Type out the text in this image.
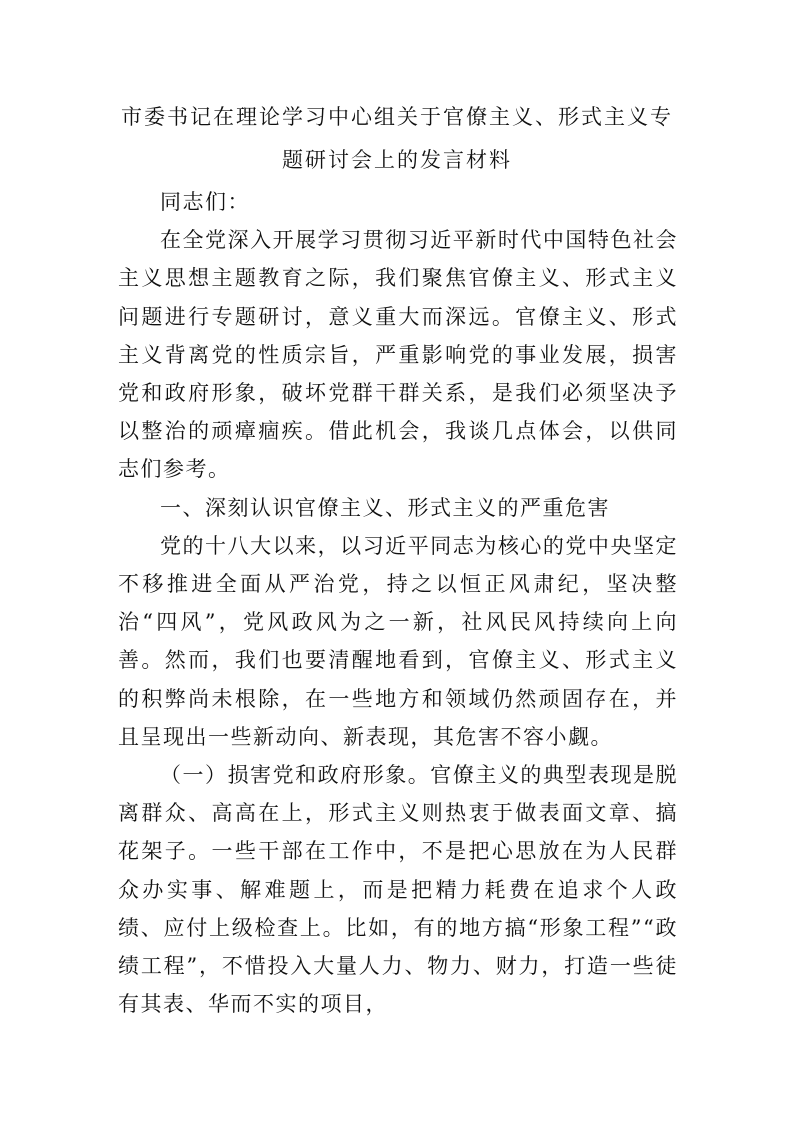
市委书记在理论学习中心组关于官僚主义、形式主义专题研讨会上的发言材料

同志们：

在全党深入开展学习贯彻习近平新时代中国特色社会主义思想主题教育之际，我们聚焦官僚主义、形式主义问题进行专题研讨，意义重大而深远。官僚主义、形式主义背离党的性质宗旨，严重影响党的事业发展，损害党和政府形象，破坏党群干群关系，是我们必须坚决予以整治的顽瘴痼疾。借此机会，我谈几点体会，以供同志们参考。

一、深刻认识官僚主义、形式主义的严重危害

党的十八大以来，以习近平同志为核心的党中央坚定不移推进全面从严治党，持之以恒正风肃纪，坚决整治“四风”，党风政风为之一新，社风民风持续向上向善。然而，我们也要清醒地看到，官僚主义、形式主义的积弊尚未根除，在一些地方和领域仍然顽固存在，并且呈现出一些新动向、新表现，其危害不容小觑。

（一）损害党和政府形象。官僚主义的典型表现是脱离群众、高高在上，形式主义则热衷于做表面文章、搞花架子。一些干部在工作中，不是把心思放在为人民群众办实事、解难题上，而是把精力耗费在追求个人政绩、应付上级检查上。比如，有的地方搞“形象工程”“政绩工程”，不惜投入大量人力、物力、财力，打造一些徒有其表、华而不实的项目，
